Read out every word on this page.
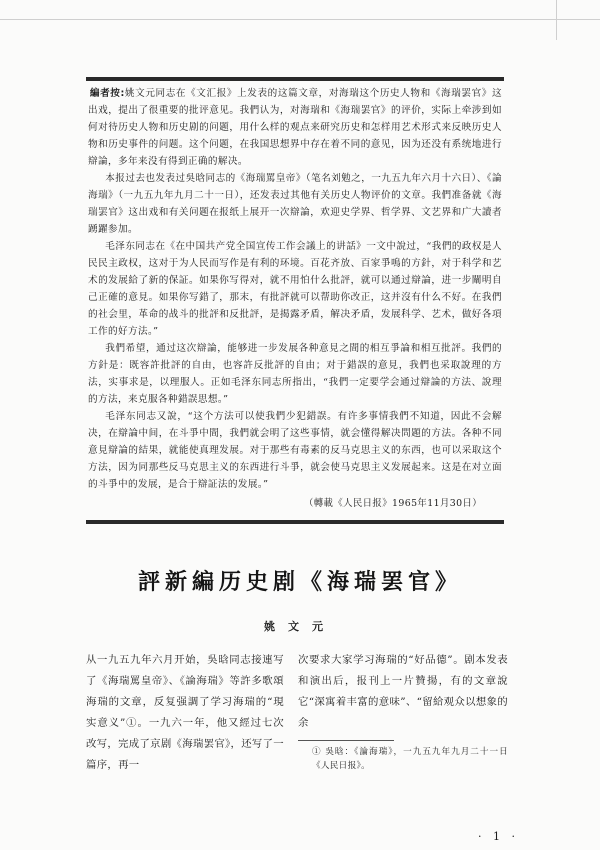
編者按:姚文元同志在《文汇报》上发表的这篇文章，对海瑞这个历史人物和《海瑞罢官》这出戏，提出了很重要的批评意见。我們认为，对海瑞和《海瑞罢官》的评价，实际上牵涉到如何对待历史人物和历史剧的问题，用什么样的观点来研究历史和怎样用艺术形式来反映历史人物和历史事件的问题。这个问题，在我国思想界中存在着不同的意见，因为还没有系统地进行辯論，多年来没有得到正确的解决。

本报过去也发表过吳晗同志的《海瑞罵皇帝》（笔名刘勉之，一九五九年六月十六日）、《論海瑞》（一九五九年九月二十一日），还发表过其他有关历史人物评价的文章。我們准备就《海瑞罢官》这出戏和有关问题在报纸上展开一次辯論，欢迎史学界、哲学界、文艺界和广大讀者踴躍参加。

毛泽东同志在《在中国共产党全国宣传工作会議上的讲話》一文中說过，“我們的政权是人民民主政权，这对于为人民而写作是有利的环境。百花齐放、百家爭鳴的方針，对于科学和艺术的发展給了新的保証。如果你写得对，就不用怕什么批評，就可以通过辯論，进一步闡明自己正確的意見。如果你写錯了，那末，有批評就可以帮助你改正，这并沒有什么不好。在我們的社会里，革命的战斗的批評和反批評，是揭露矛盾，解决矛盾，发展科学、艺术，做好各項工作的好方法。”

我們希望，通过这次辯論，能够进一步发展各种意見之間的相互爭論和相互批評。我們的方針是：既容許批評的自由，也容許反批評的自由；对于錯誤的意見，我們也采取說理的方法，实事求是，以理服人。正如毛泽东同志所指出，“我們一定要学会通过辯論的方法、說理的方法，来克服各种錯誤思想。”

毛泽东同志又說，“这个方法可以使我們少犯錯誤。有许多事情我們不知道，因此不会解决，在辯論中间，在斗爭中間，我們就会明了这些事情，就会懂得解决問題的方法。各种不同意見辯論的結果，就能使真理发展。对于那些有毒素的反马克思主义的东西，也可以采取这个方法，因为同那些反马克思主义的东西进行斗爭，就会使马克思主义发展起来。这是在对立面的斗爭中的发展，是合于辯証法的发展。”

（轉載《人民日报》1965年11月30日）
評新編历史剧《海瑞罢官》
姚文元

从一九五九年六月开始，吳晗同志接連写了《海瑞罵皇帝》、《論海瑞》等許多歌頌海瑞的文章，反复强調了学习海瑞的“現实意义”①。一九六一年，他又經过七次改写，完成了京剧《海瑞罢官》，还写了一篇序，再一

次要求大家学习海瑞的“好品德”。剧本发表和演出后，报刊上一片贊揚，有的文章說它“深寓着丰富的意味”、“留給观众以想象的余

① 吳晗：《論海瑞》，一九五九年九月二十一日《人民日报》。
· 1 ·
